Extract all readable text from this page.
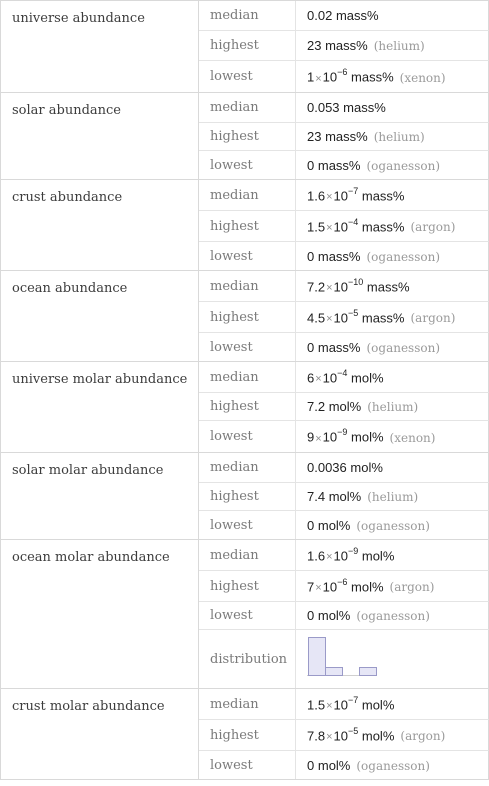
universe abundance	median	0.02 mass%
highest	23 mass% (helium)
lowest	$1\times 10^{-6}$ mass% (xenon)
solar abundance	median	0.053 mass%
highest	23 mass% (helium)
lowest	0 mass% (oganesson)
crust abundance	median	$1.6\times 10^{-7}$ mass%
highest	$1.5\times 10^{-4}$ mass% (argon)
lowest	0 mass% (oganesson)
ocean abundance	median	$7.2\times 10^{-10}$ mass%
highest	$4.5\times 10^{-5}$ mass% (argon)
lowest	0 mass% (oganesson)
universe molar abundance	median	$6\times 10^{-4}$ mol%
highest	7.2 mol% (helium)
lowest	$9\times 10^{-9}$ mol% (xenon)
solar molar abundance	median	0.0036 mol%
highest	7.4 mol% (helium)
lowest	0 mol% (oganesson)
ocean molar abundance	median	$1.6\times 10^{-9}$ mol%
highest	$7\times 10^{-6}$ mol% (argon)
lowest	0 mol% (oganesson)
distribution
crust molar abundance	median	$1.5\times 10^{-7}$ mol%
highest	$7.8\times 10^{-5}$ mol% (argon)
lowest	0 mol% (oganesson)
